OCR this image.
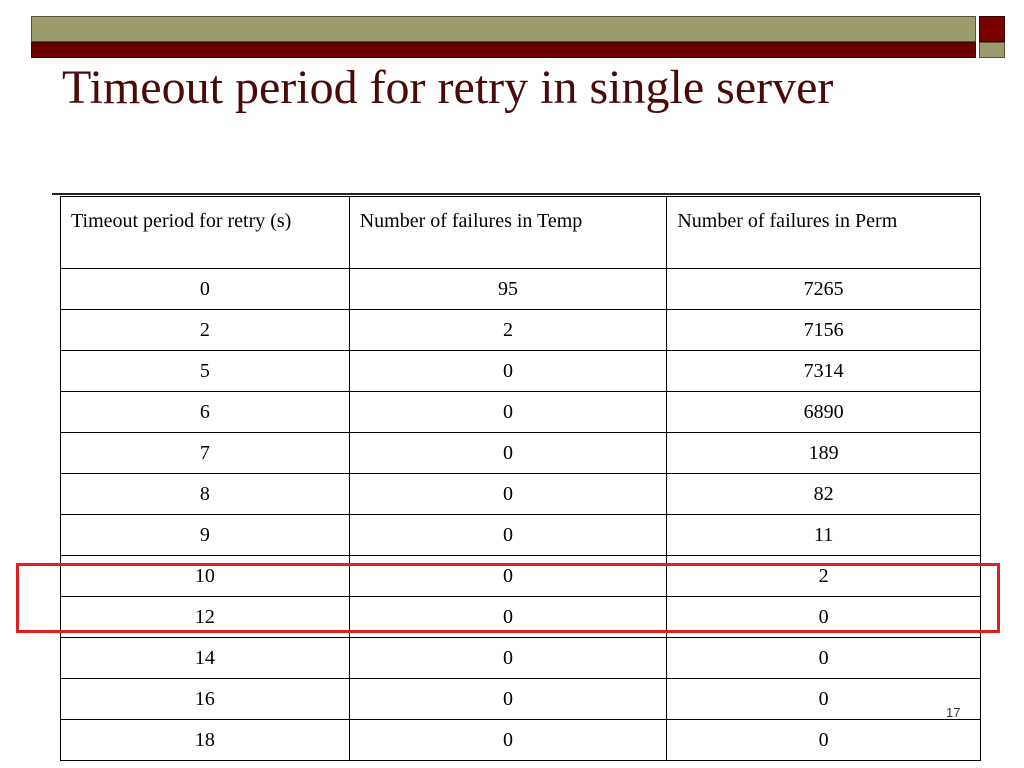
Timeout period for retry in single server
Timeout period for retry (s)	Number of failures in Temp	Number of failures in Perm
0	95	7265
2	2	7156
5	0	7314
6	0	6890
7	0	189
8	0	82
9	0	11
10	0	2
12	0	0
14	0	0
16	0	0
18	0	0
17
